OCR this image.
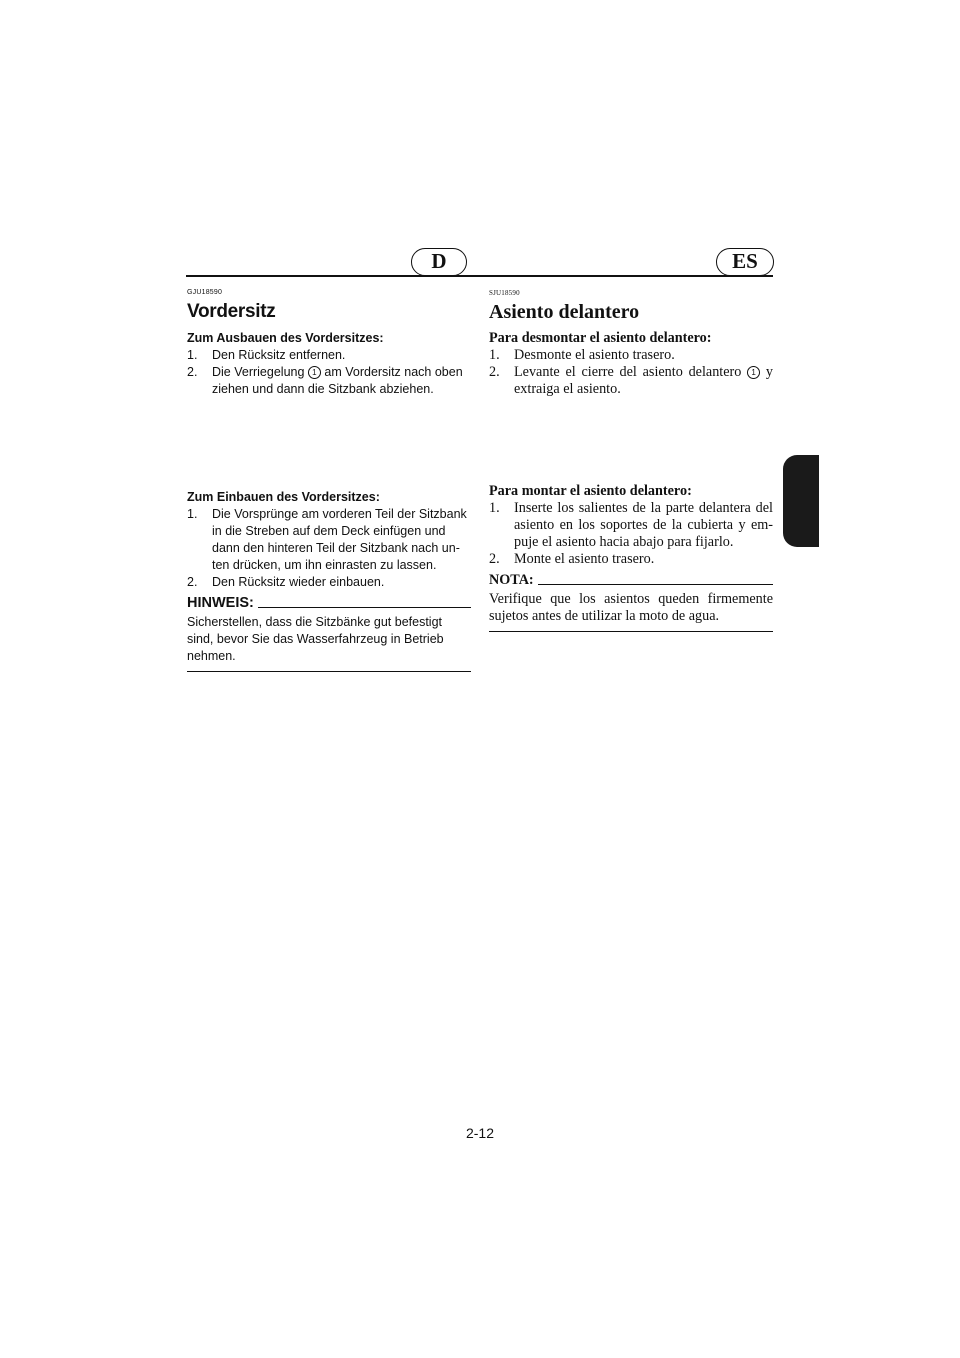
D	ES
GJU18590
Vordersitz
Zum Ausbauen des Vordersitzes:
1. Den Rücksitz entfernen.

2. Die Verriegelung 1 am Vordersitz nach oben ziehen und dann die Sitzbank abziehen.

Zum Einbauen des Vordersitzes:
1. Die Vorsprünge am vorderen Teil der Sitzbank in die Streben auf dem Deck einfügen und dann den hinteren Teil der Sitzbank nach un-ten drücken, um ihn einrasten zu lassen.

2. Den Rücksitz wieder einbauen.

HINWEIS:
Sicherstellen, dass die Sitzbänke gut befestigt sind, bevor Sie das Wasserfahrzeug in Betrieb nehmen.
SJU18590
Asiento delantero
Para desmontar el asiento delantero:
1. Desmonte el asiento trasero.

2. Levante el cierre del asiento delantero 1 y extraiga el asiento.

Para montar el asiento delantero:
1. Inserte los salientes de la parte delantera del asiento en los soportes de la cubierta y em-puje el asiento hacia abajo para fijarlo.

2. Monte el asiento trasero.

NOTA:
Verifique que los asientos queden firmemente sujetos antes de utilizar la moto de agua.
2-12
